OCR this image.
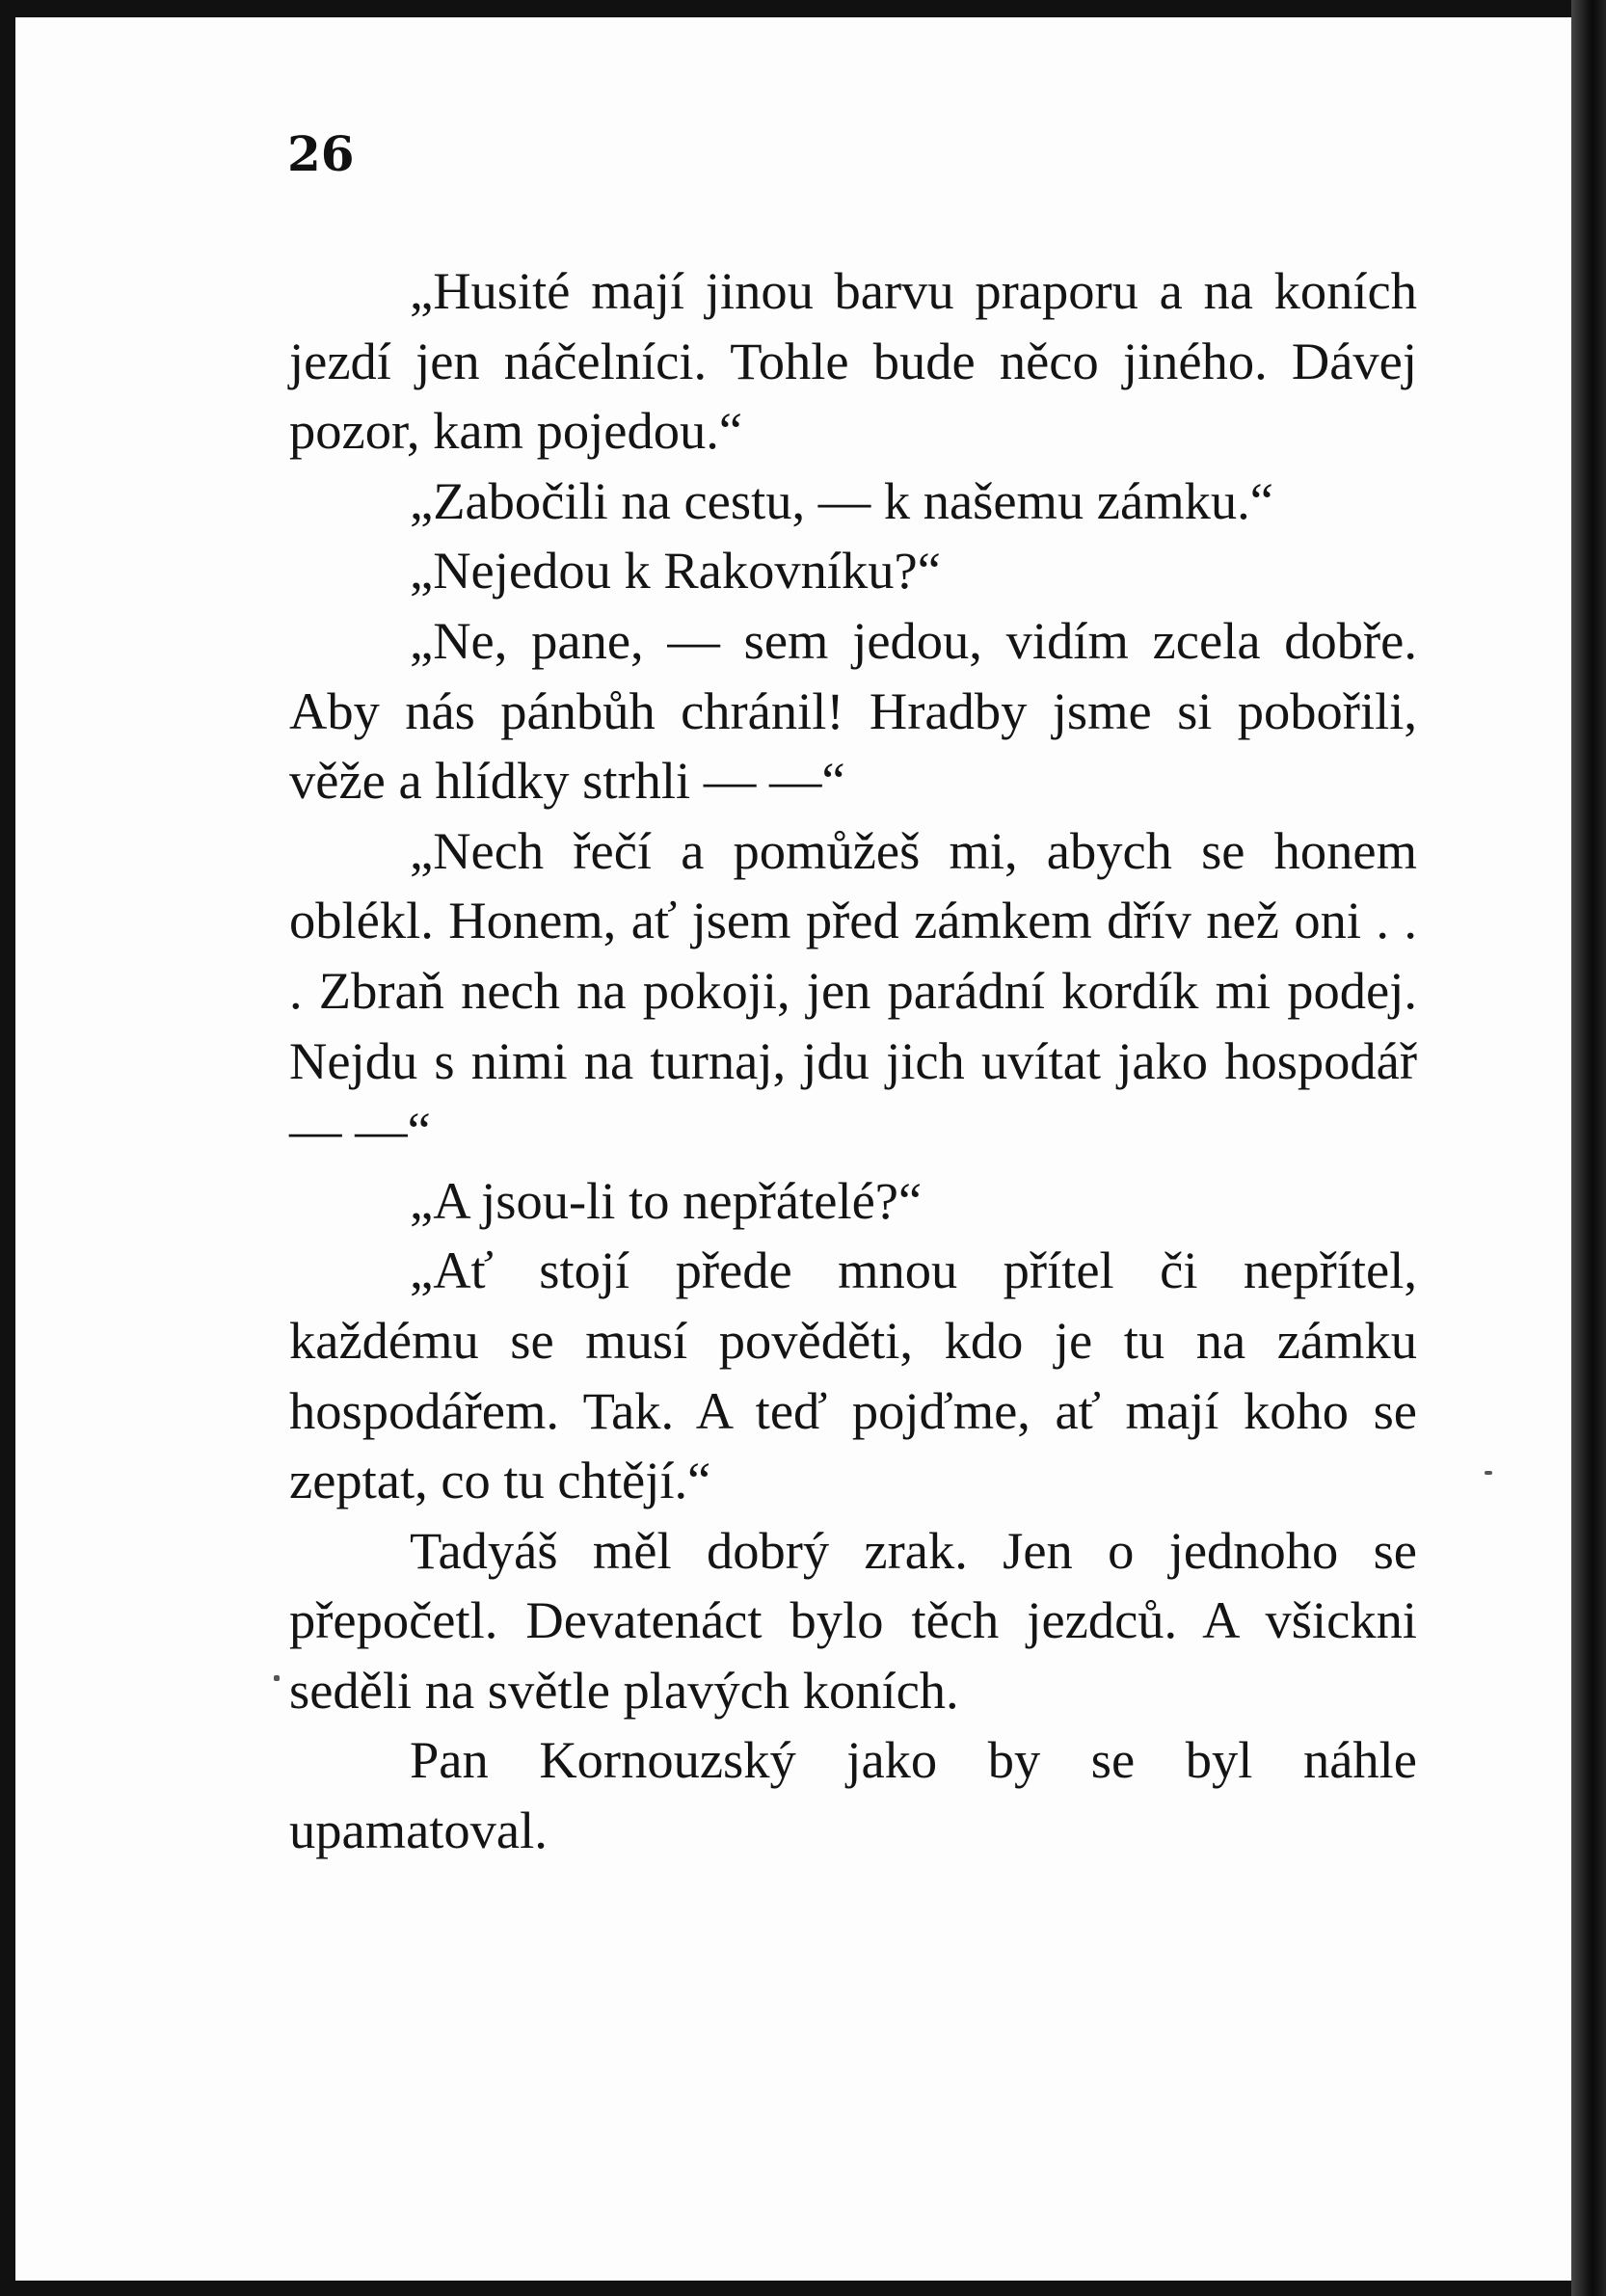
26

„Husité mají jinou barvu praporu a na koních jezdí jen náčelníci. Tohle bude něco jiného. Dávej pozor, kam pojedou.“

„Zabočili na cestu, — k našemu zámku.“

„Nejedou k Rakovníku?“

„Ne, pane, — sem jedou, vidím zcela dobře. Aby nás pánbůh chránil! Hradby jsme si pobořili, věže a hlídky strhli — —“

„Nech řečí a pomůžeš mi, abych se honem oblékl. Honem, ať jsem před zámkem dřív než oni . . . Zbraň nech na pokoji, jen parádní kordík mi podej. Nejdu s nimi na turnaj, jdu jich uvítat jako hospodář — —“

„A jsou-li to nepřátelé?“

„Ať stojí přede mnou přítel či nepřítel, každému se musí pověděti, kdo je tu na zámku hospodářem. Tak. A teď pojďme, ať mají koho se zeptat, co tu chtějí.“

Tadyáš měl dobrý zrak. Jen o jednoho se přepočetl. Devatenáct bylo těch jezdců. A všickni seděli na světle plavých koních.

Pan Kornouzský jako by se byl náhle upamatoval.
